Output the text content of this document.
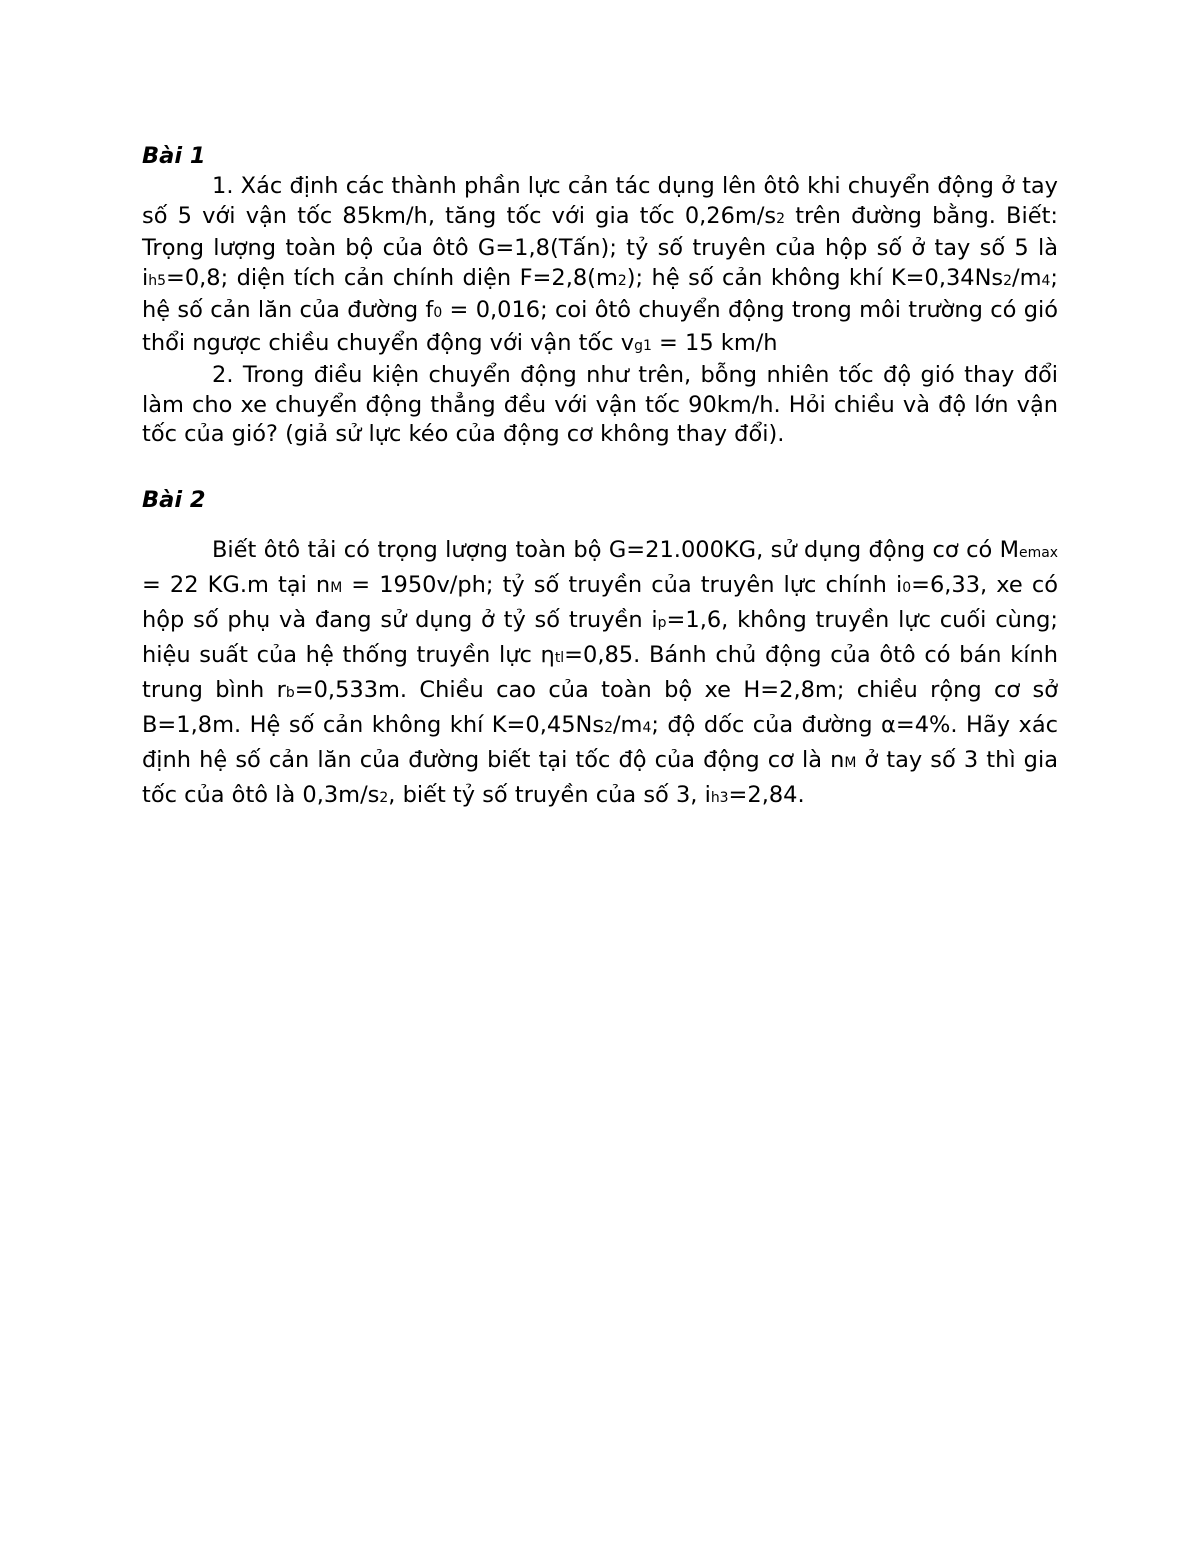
Bài 1

1. Xác định các thành phần lực cản tác dụng lên ôtô khi chuyển động ở tay số 5 với vận tốc 85km/h, tăng tốc với gia tốc 0,26m/s2 trên đường bằng. Biết: Trọng lượng toàn bộ của ôtô G=1,8(Tấn); tỷ số truyên của hộp số ở tay số 5 là ih5=0,8; diện tích cản chính diện F=2,8(m2); hệ số cản không khí K=0,34Ns2/m4; hệ số cản lăn của đường f0 = 0,016; coi ôtô chuyển động trong môi trường có gió thổi ngược chiều chuyển động với vận tốc vg1 = 15 km/h

2. Trong điều kiện chuyển động như trên, bỗng nhiên tốc độ gió thay đổi làm cho xe chuyển động thẳng đều với vận tốc 90km/h. Hỏi chiều và độ lớn vận tốc của gió? (giả sử lực kéo của động cơ không thay đổi).

Bài 2

Biết ôtô tải có trọng lượng toàn bộ G=21.000KG, sử dụng động cơ có Memax = 22 KG.m tại nM = 1950v/ph; tỷ số truyền của truyên lực chính i0=6,33, xe có hộp số phụ và đang sử dụng ở tỷ số truyền ip=1,6, không truyền lực cuối cùng; hiệu suất của hệ thống truyền lực ηtl=0,85. Bánh chủ động của ôtô có bán kính trung bình rb=0,533m. Chiều cao của toàn bộ xe H=2,8m; chiều rộng cơ sở B=1,8m. Hệ số cản không khí K=0,45Ns2/m4; độ dốc của đường α=4%. Hãy xác định hệ số cản lăn của đường biết tại tốc độ của động cơ là nM ở tay số 3 thì gia tốc của ôtô là 0,3m/s2, biết tỷ số truyền của số 3, ih3=2,84.
